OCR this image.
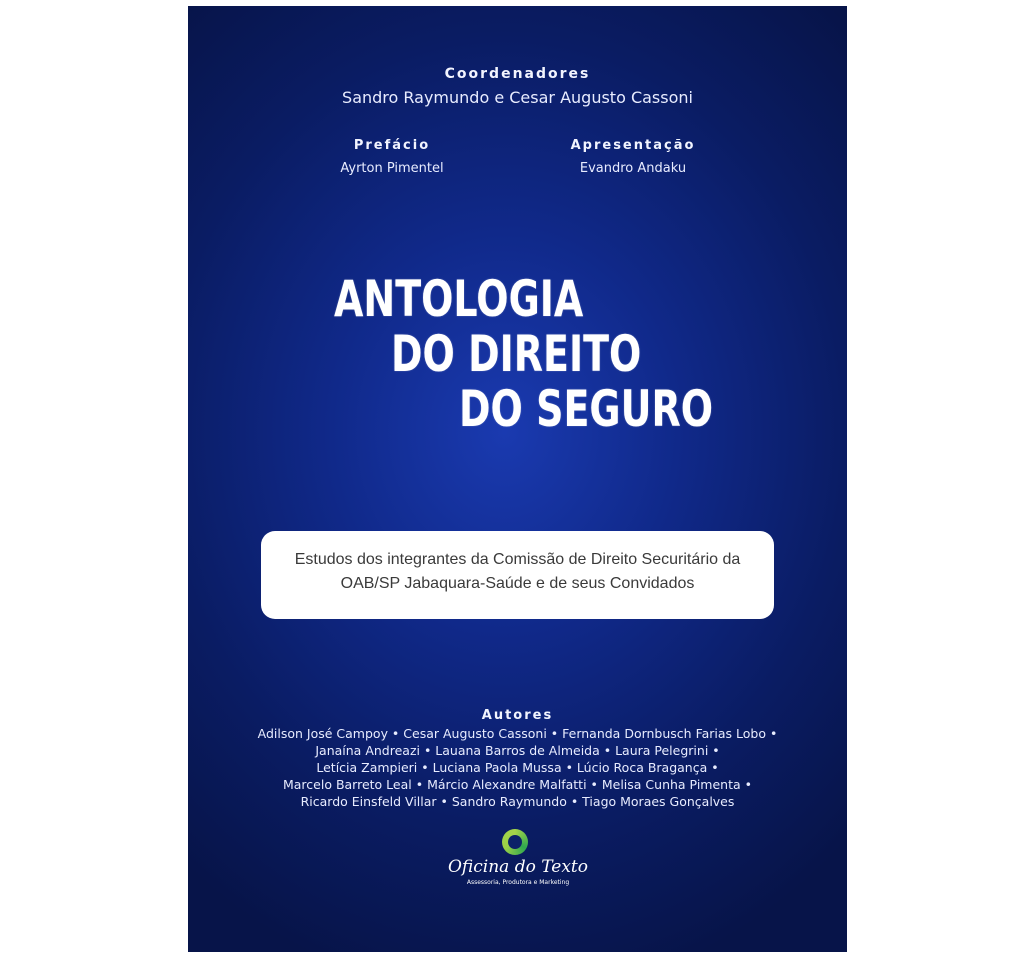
Coordenadores
Sandro Raymundo e Cesar Augusto Cassoni
Prefácio
Ayrton Pimentel
Apresentação
Evandro Andaku
ANTOLOGIA
DO DIREITO
DO SEGURO
Estudos dos integrantes da Comissão de Direito Securitário da
OAB/SP Jabaquara-Saúde e de seus Convidados
Autores
Adilson José Campoy • Cesar Augusto Cassoni • Fernanda Dornbusch Farias Lobo •
Janaína Andreazi • Lauana Barros de Almeida • Laura Pelegrini •
Letícia Zampieri • Luciana Paola Mussa • Lúcio Roca Bragança •
Marcelo Barreto Leal • Márcio Alexandre Malfatti • Melisa Cunha Pimenta •
Ricardo Einsfeld Villar • Sandro Raymundo • Tiago Moraes Gonçalves
Oficina do Texto
Assessoria, Produtora e Marketing
